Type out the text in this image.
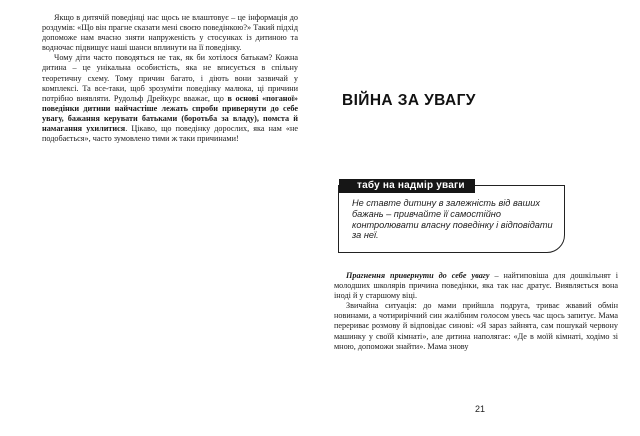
Якщо в дитячій поведінці нас щось не влаштовує – це інформація до роздумів: «Що він прагне сказати мені своєю поведінкою?» Такий підхід допоможе нам вчасно зняти напруженість у стосунках із дитиною та водночас підвищує наші шанси вплинути на її поведінку.

Чому діти часто поводяться не так, як би хотілося батькам? Кожна дитина – це унікальна особистість, яка не вписується в спільну теоретичну схему. Тому причин багато, і діють вони зазвичай у комплексі. Та все-таки, щоб зрозуміти поведінку малюка, ці причини потрібно виявляти. Рудольф Дрейкурс вважає, що в основі «поганої» поведінки дитини найчастіше лежать спроби привернути до себе увагу, бажання керувати батьками (боротьба за владу), помста й намагання ухилитися. Цікаво, що поведінку дорослих, яка нам «не подобається», часто зумовлено тими ж таки причинами!

ВІЙНА ЗА УВАГУ
табу на надмір уваги
Не ставте дитину в залежність від ваших бажань – привчайте її самостійно контролювати власну поведінку і відповідати за неї.

Прагнення привернути до себе увагу – найтиповіша для дошкільнят і молодших школярів причина поведінки, яка так нас дратує. Виявляється вона іноді й у старшому віці.

Звичайна ситуація: до мами прийшла подруга, триває жвавий обмін новинами, а чотирирічний син жалібним голосом увесь час щось запитує. Мама перериває розмову й відповідає синові: «Я зараз зайнята, сам пошукай червону машинку у своїй кімнаті», але дитина наполягає: «Де в моїй кімнаті, ходімо зі мною, допоможи знайти». Мама знову

21
